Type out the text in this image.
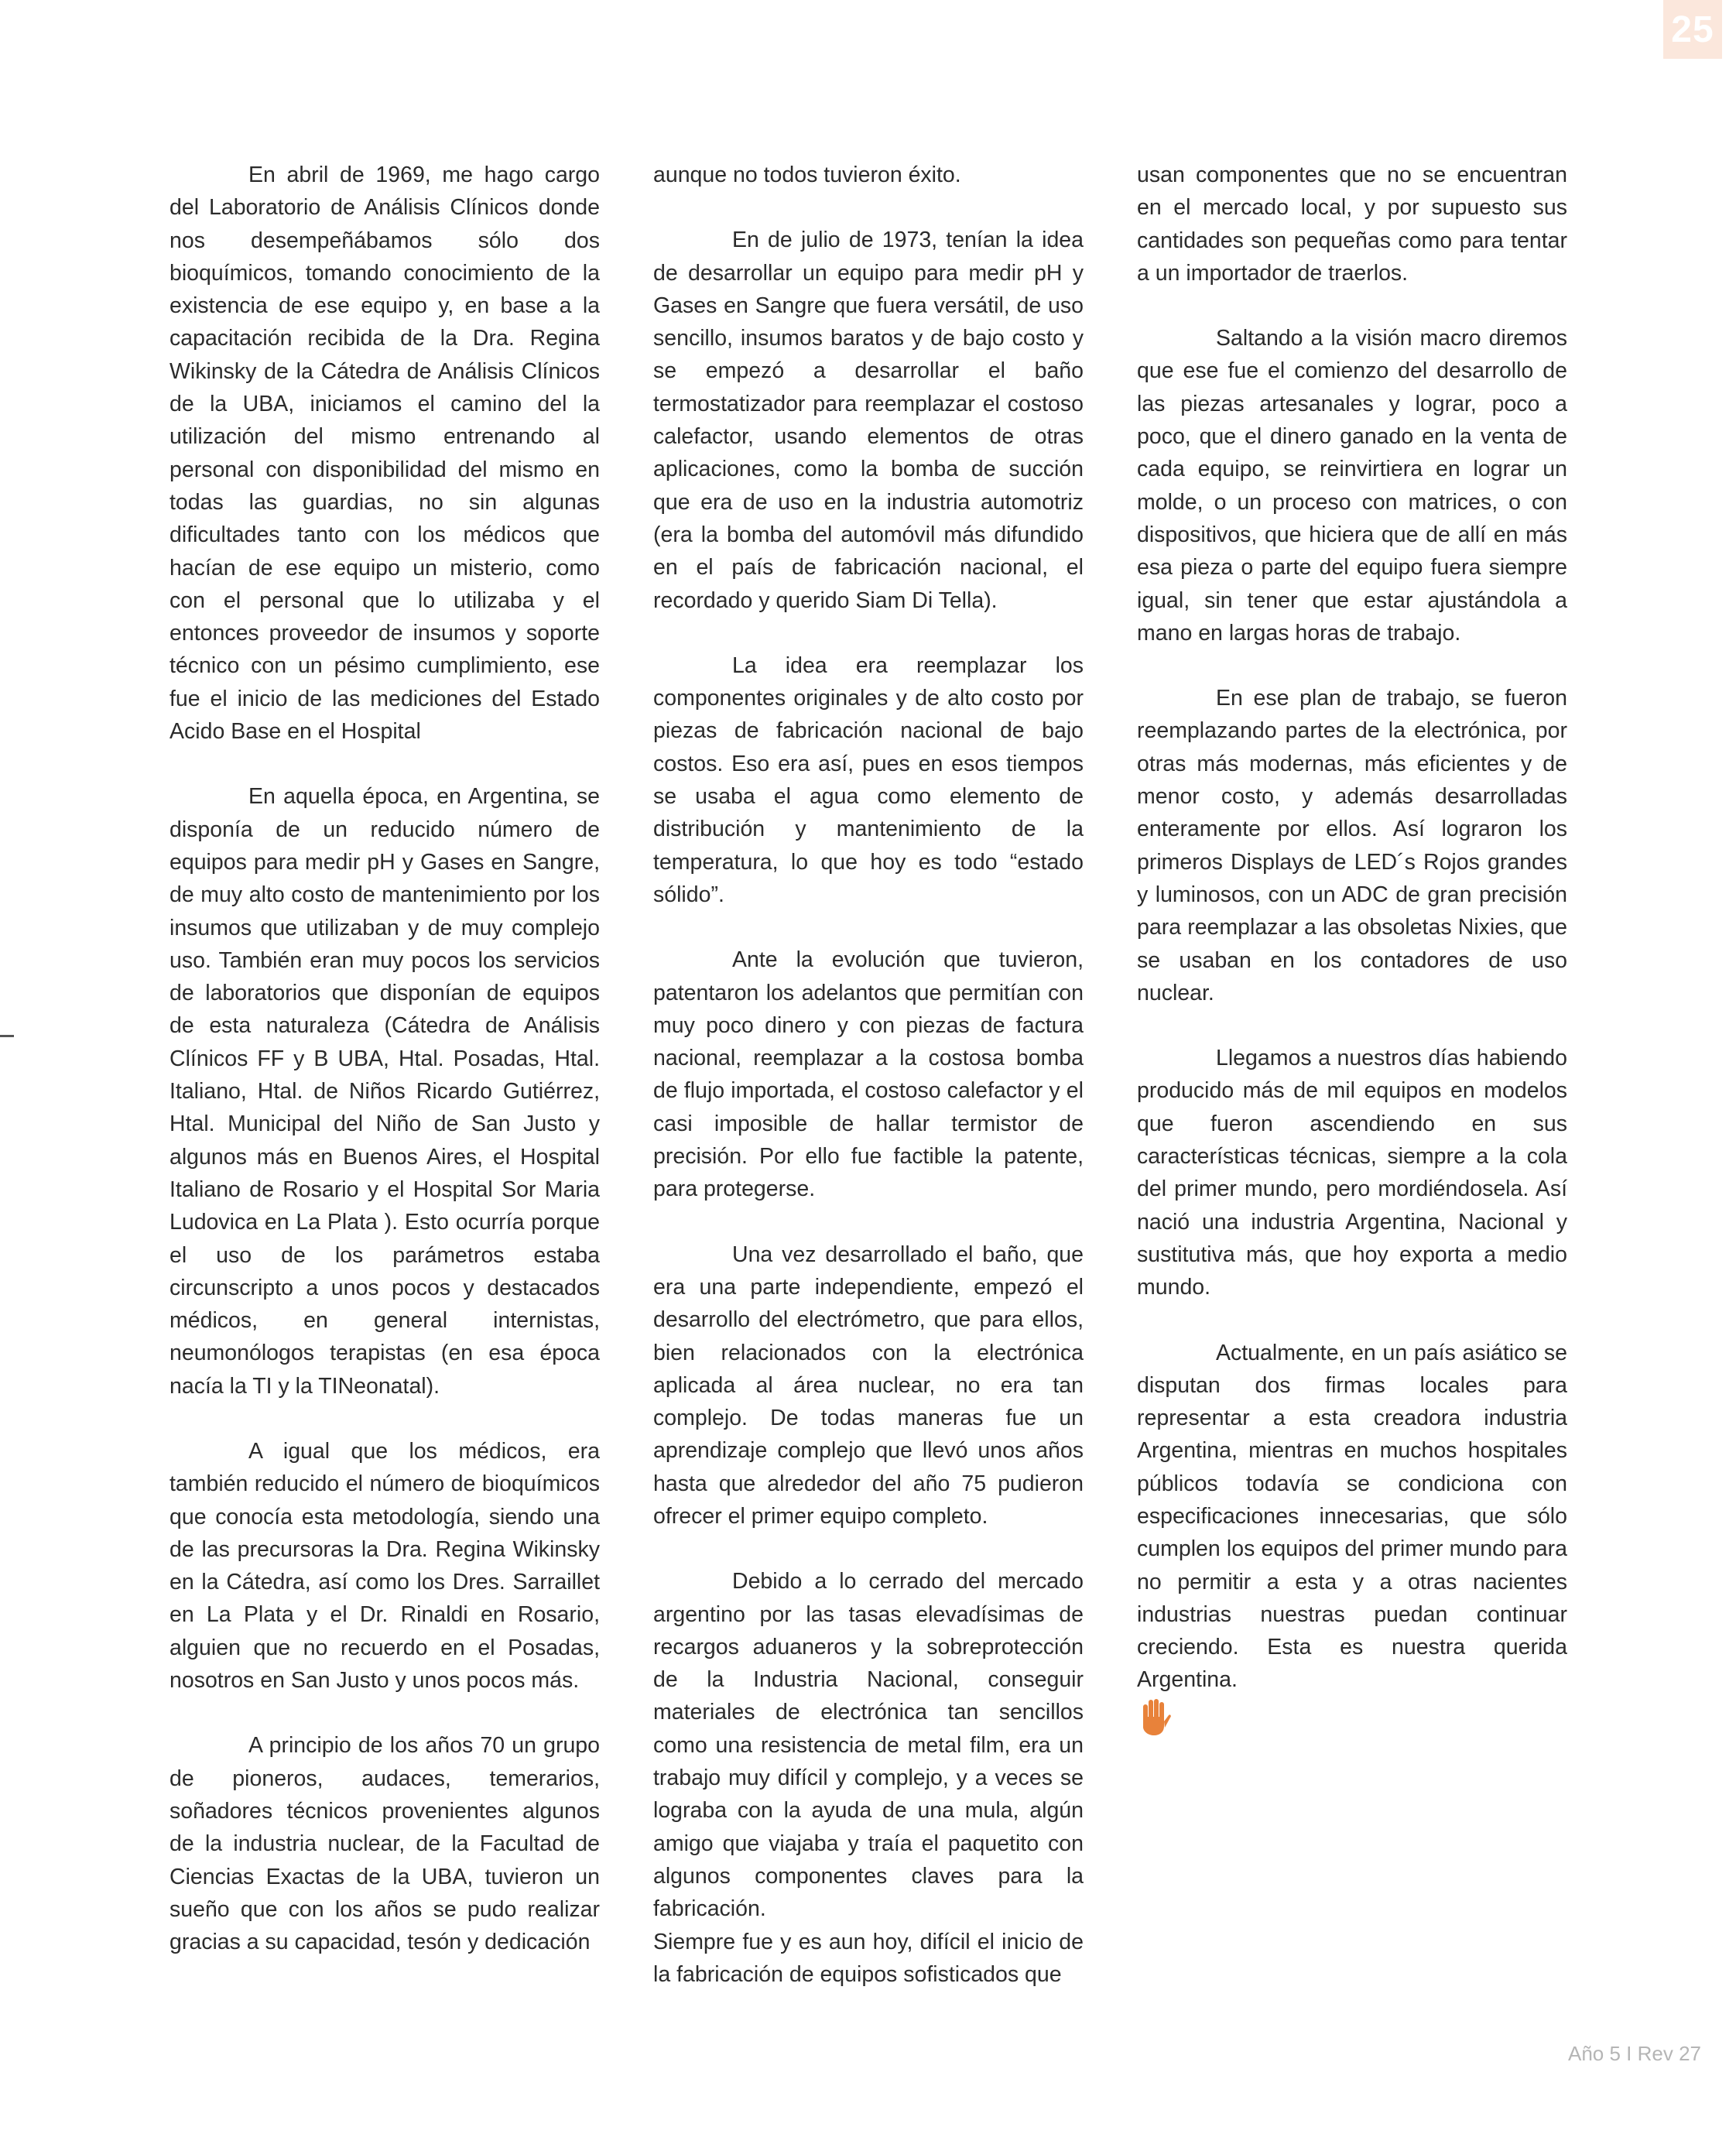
25

En abril de 1969, me hago cargo del Laboratorio de Análisis Clínicos donde nos desempeñábamos sólo dos bioquímicos, tomando conocimiento de la existencia de ese equipo y, en base a la capacitación recibida de la Dra. Regina Wikinsky de la Cátedra de Análisis Clínicos de la UBA, iniciamos el camino del la utilización del mismo entrenando al personal con disponibilidad del mismo en todas las guardias, no sin algunas dificultades tanto con los médicos que hacían de ese equipo un misterio, como con el personal que lo utilizaba y el entonces proveedor de insumos y soporte técnico con un pésimo cumplimiento, ese fue el inicio de las mediciones del Estado Acido Base en el Hospital

En aquella época, en Argentina, se disponía de un reducido número de equipos para medir pH y Gases en Sangre, de muy alto costo de mantenimiento por los insumos que utilizaban y de muy complejo uso. También eran muy pocos los servicios de laboratorios que disponían de equipos de esta naturaleza (Cátedra de Análisis Clínicos FF y B UBA, Htal. Posadas, Htal. Italiano, Htal. de Niños Ricardo Gutiérrez, Htal. Municipal del Niño de San Justo y algunos más en Buenos Aires, el Hospital Italiano de Rosario y el Hospital Sor Maria Ludovica en La Plata ). Esto ocurría porque el uso de los parámetros estaba circunscripto a unos pocos y destacados médicos, en general internistas, neumonólogos terapistas (en esa época nacía la TI y la TINeonatal).

A igual que los médicos, era también reducido el número de bioquímicos que conocía esta metodología, siendo una de las precursoras la Dra. Regina Wikinsky en la Cátedra, así como los Dres. Sarraillet en La Plata y el Dr. Rinaldi en Rosario, alguien que no recuerdo en el Posadas, nosotros en San Justo y unos pocos más.

A principio de los años 70 un grupo de pioneros, audaces, temerarios, soñadores técnicos provenientes algunos de la industria nuclear, de la Facultad de Ciencias Exactas de la UBA, tuvieron un sueño que con los años se pudo realizar gracias a su capacidad, tesón y dedicación

aunque no todos tuvieron éxito.

En de julio de 1973, tenían la idea de desarrollar un equipo para medir pH y Gases en Sangre que fuera versátil, de uso sencillo, insumos baratos y de bajo costo y se empezó a desarrollar el baño termostatizador para reemplazar el costoso calefactor, usando elementos de otras aplicaciones, como la bomba de succión que era de uso en la industria automotriz (era la bomba del automóvil más difundido en el país de fabricación nacional, el recordado y querido Siam Di Tella).

La idea era reemplazar los componentes originales y de alto costo por piezas de fabricación nacional de bajo costos. Eso era así, pues en esos tiempos se usaba el agua como elemento de distribución y mantenimiento de la temperatura, lo que hoy es todo “estado sólido”.

Ante la evolución que tuvieron, patentaron los adelantos que permitían con muy poco dinero y con piezas de factura nacional, reemplazar a la costosa bomba de flujo importada, el costoso calefactor y el casi imposible de hallar termistor de precisión. Por ello fue factible la patente, para protegerse.

Una vez desarrollado el baño, que era una parte independiente, empezó el desarrollo del electrómetro, que para ellos, bien relacionados con la electrónica aplicada al área nuclear, no era tan complejo. De todas maneras fue un aprendizaje complejo que llevó unos años hasta que alrededor del año 75 pudieron ofrecer el primer equipo completo.

Debido a lo cerrado del mercado argentino por las tasas elevadísimas de recargos aduaneros y la sobreprotección de la Industria Nacional, conseguir materiales de electrónica tan sencillos como una resistencia de metal film, era un trabajo muy difícil y complejo, y a veces se lograba con la ayuda de una mula, algún amigo que viajaba y traía el paquetito con algunos componentes claves para la fabricación.

Siempre fue y es aun hoy, difícil el inicio de la fabricación de equipos sofisticados que

usan componentes que no se encuentran en el mercado local, y por supuesto sus cantidades son pequeñas como para tentar a un importador de traerlos.

Saltando a la visión macro diremos que ese fue el comienzo del desarrollo de las piezas artesanales y lograr, poco a poco, que el dinero ganado en la venta de cada equipo, se reinvirtiera en lograr un molde, o un proceso con matrices, o con dispositivos, que hiciera que de allí en más esa pieza o parte del equipo fuera siempre igual, sin tener que estar ajustándola a mano en largas horas de trabajo.

En ese plan de trabajo, se fueron reemplazando partes de la electrónica, por otras más modernas, más eficientes y de menor costo, y además desarrolladas enteramente por ellos. Así lograron los primeros Displays de LED´s Rojos grandes y luminosos, con un ADC de gran precisión para reemplazar a las obsoletas Nixies, que se usaban en los contadores de uso nuclear.

Llegamos a nuestros días habiendo producido más de mil equipos en modelos que fueron ascendiendo en sus características técnicas, siempre a la cola del primer mundo, pero mordiéndosela. Así nació una industria Argentina, Nacional y sustitutiva más, que hoy exporta a medio mundo.

Actualmente, en un país asiático se disputan dos firmas locales para representar a esta creadora industria Argentina, mientras en muchos hospitales públicos todavía se condiciona con especificaciones innecesarias, que sólo cumplen los equipos del primer mundo para no permitir a esta y a otras nacientes industrias nuestras puedan continuar creciendo. Esta es nuestra querida Argentina.

Año 5 I Rev 27
